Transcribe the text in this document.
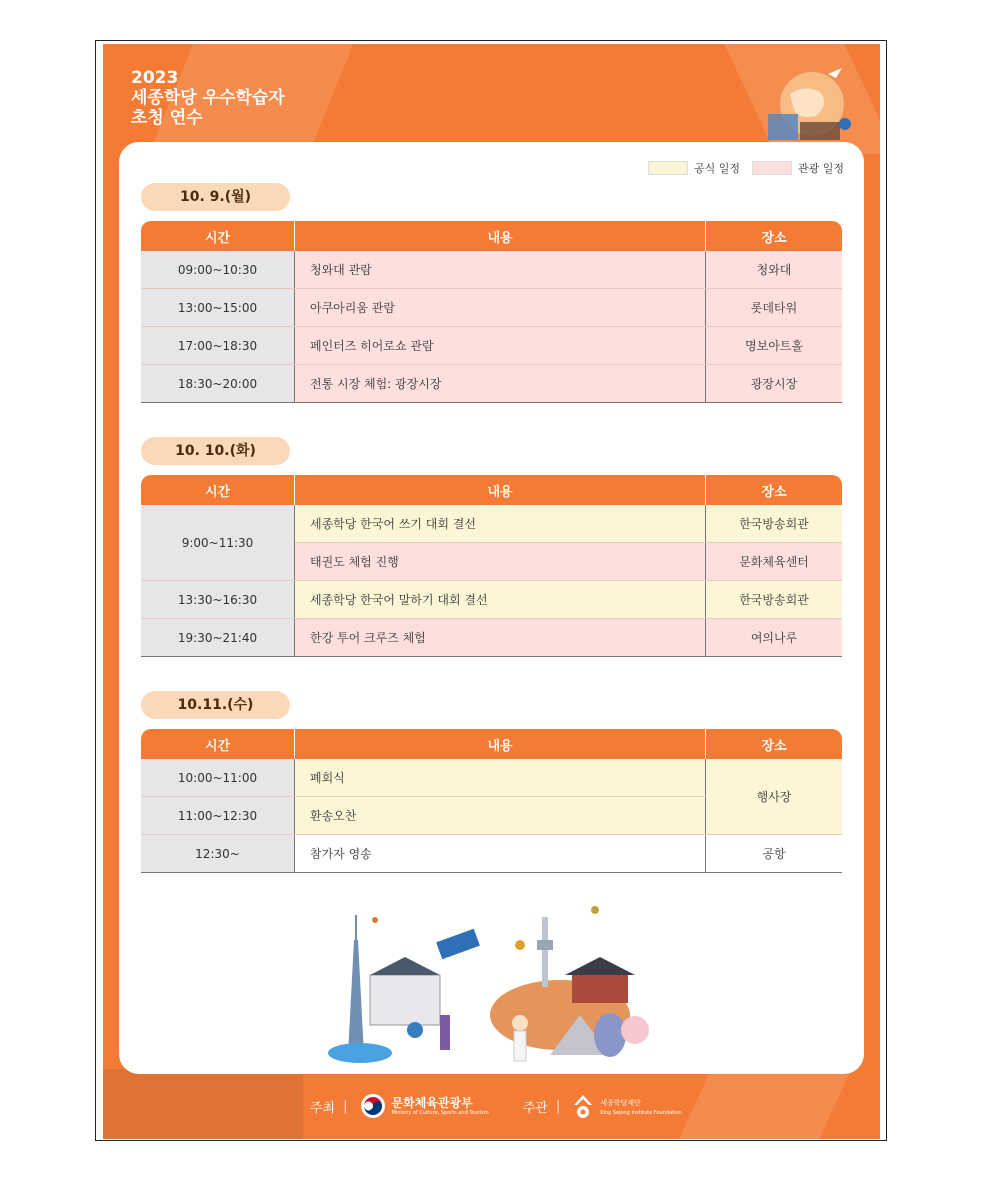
2023
세종학당 우수학습자
초청 연수
공식 일정	관광 일정
10. 9.(월)
시간	내용	장소
09:00~10:30	청와대 관람	청와대
13:00~15:00	아쿠아리움 관람	롯데타워
17:00~18:30	페인터즈 히어로쇼 관람	명보아트홀
18:30~20:00	전통 시장 체험: 광장시장	광장시장
10. 10.(화)
시간	내용	장소
9:00~11:30	세종학당 한국어 쓰기 대회 결선	한국방송회관
	태권도 체험 진행	문화체육센터
13:30~16:30	세종학당 한국어 말하기 대회 결선	한국방송회관
19:30~21:40	한강 투어 크루즈 체험	여의나루
10.11.(수)
시간	내용	장소
10:00~11:00	폐회식	행사장
11:00~12:30	환송오찬	
12:30~	참가자 영송	공항
주최 |	문화체육관광부
Ministry of Culture, Sports and Tourism	주관 |	세종학당재단
King Sejong Institute Foundation
